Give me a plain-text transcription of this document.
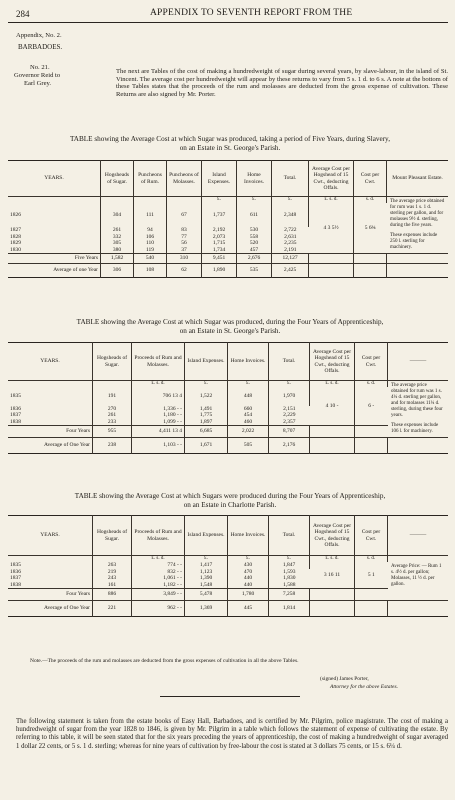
284	APPENDIX TO SEVENTH REPORT FROM THE
Appendix, No. 2.
BARBADOES.
No. 21.
Governor Reid to
Earl Grey.
The next are Tables of the cost of making a hundredweight of sugar during several years, by slave-labour, in the island of St. Vincent. The average cost per hundredweight will appear by these returns to vary from 5 s. 1 d. to 6 s. A note at the bottom of these Tables states that the proceeds of the rum and molasses are deducted from the gross expense of cultivation. These Returns are also signed by Mr. Porter.
TABLE showing the Average Cost at which Sugar was produced, taking a period of Five Years, during Slavery,
on an Estate in St. George's Parish.
YEARS.	Hogsheads of Sugar.	Puncheons of Rum.	Puncheons of Molasses.	Island Expenses.	Home Invoices.	Total.	Average Cost per Hogshead of 15 Cwt., deducting Offals.	Cost per Cwt.	Mount Pleasant Estate.
				£.	£.	£.	£. s. d.	s. d.	The average price obtained for rum was 1 s. 1 d. sterling per gallon, and for molasses 9½ d. sterling, during the five years.
These expenses include 250 l. sterling for machinery.

1826	304	111	67	1,737	611	2,348	4 3 5½	5 6¾	
1827	261	94	83	2,192	530	2,722			
1828	332	106	77	2,073	558	2,631			
1829	305	110	56	1,715	520	2,235			
1830	380	119	37	1,734	457	2,191			
Five Years	1,582	540	310	9,451	2,676	12,127			
Average of one Year	306	108	62	1,890	535	2,425			
TABLE showing the Average Cost at which Sugar was produced, during the Four Years of Apprenticeship,
on an Estate in St. George's Parish.
YEARS.	Hogsheads of Sugar.	Proceeds of Rum and Molasses.	Island Expenses.	Home Invoices.	Total.	Average Cost per Hogshead of 15 Cwt., deducting Offals.	Cost per Cwt.	———
		£. s. d.	£.	£.	£.	£. s. d.	s. d.	The average price obtained for rum was 1 s. 4¼ d. sterling per gallon, and for molasses 11¼ d. sterling, during these four years.
These expenses include 106 l. for machinery.

1835	191	706 13 4	1,522	448	1,970	4 10 -	6 -	
1836	270	1,336 - -	1,491	660	2,151			
1837	261	1,180 - -	1,775	454	2,229			
1838	233	1,099 - -	1,897	460	2,357			
Four Years	955	4,411 13 4	6,685	2,022	8,707			
Average of One Year	238	1,103 - -	1,671	505	2,176			
TABLE showing the Average Cost at which Sugars were produced during the Four Years of Apprenticeship,
on an Estate in Charlotte Parish.
YEARS.	Hogsheads of Sugar.	Proceeds of Rum and Molasses.	Island Expenses.	Home Invoices.	Total.	Average Cost per Hogshead of 15 Cwt., deducting Offals.	Cost per Cwt.	———
		£. s. d.	£.	£.	£.	£. s. d.	s. d.	Average Price: — Rum 1 s. 4½ d. per gallon; Molasses, 11 ½ d. per gallon.

1835	263	774 - -	1,417	430	1,847	3 16 11	5 1	
1836	219	832 - -	1,123	470	1,593			
1837	243	1,061 - -	1,390	440	1,830			
1838	161	1,182 - -	1,548	440	1,588			
Four Years	886	3,849 - -	5,478	1,780	7,258			
Average of One Year	221	962 - -	1,369	445	1,814			
Note.—The proceeds of the rum and molasses are deducted from the gross expenses of cultivation in all the above Tables.
(signed) James Porter,
Attorney for the above Estates.
The following statement is taken from the estate books of Easy Hall, Barbadoes, and is certified by Mr. Pilgrim, police magistrate. The cost of making a hundredweight of sugar from the year 1828 to 1846, is given by Mr. Pilgrim in a table which follows the statement of expense of cultivating the estate. By referring to this table, it will be seen stated that for the six years preceding the years of apprenticeship, the cost of making a hundredweight of sugar averaged 1 dollar 22 cents, or 5 s. 1 d. sterling; whereas for nine years of cultivation by free-labour the cost is stated at 3 dollars 75 cents, or 15 s. 6¼ d.
